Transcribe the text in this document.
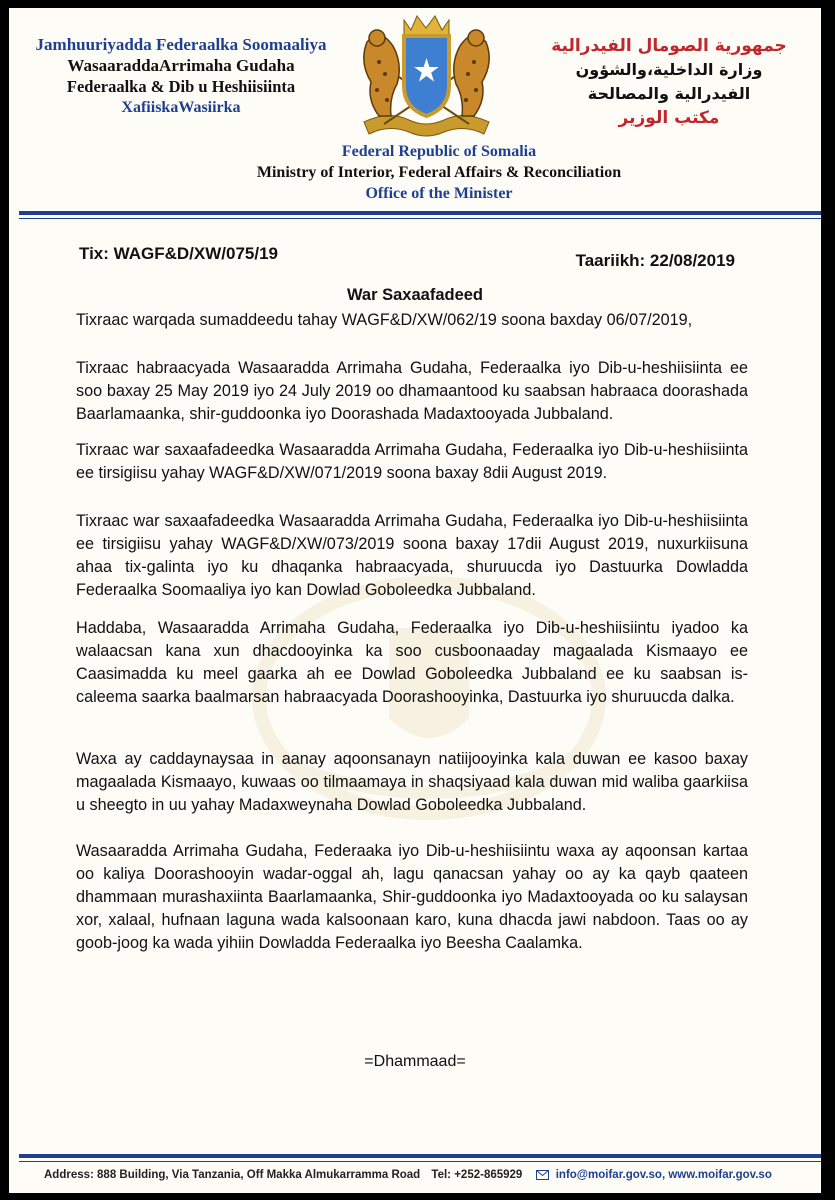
Jamhuuriyadda Federaalka Soomaaliya
WasaaraddaArrimaha Gudaha
Federaalka & Dib u Heshiisiinta
XafiiskaWasiirka
جمهورية الصومال الفيدرالية
وزارة الداخلية،والشؤون الفيدرالية والمصالحة
مكتب الوزير
Federal Republic of Somalia
Ministry of Interior, Federal Affairs & Reconciliation
Office of the Minister
Tix: WAGF&D/XW/075/19	Taariikh: 22/08/2019
War Saxaafadeed

Tixraac warqada sumaddeedu tahay WAGF&D/XW/062/19 soona baxday 06/07/2019,

Tixraac habraacyada Wasaaradda Arrimaha Gudaha, Federaalka iyo Dib-u-heshiisiinta ee soo baxay 25 May 2019 iyo 24 July 2019 oo dhamaantood ku saabsan habraaca doorashada Baarlamaanka, shir-guddoonka iyo Doorashada Madaxtooyada Jubbaland.

Tixraac war saxaafadeedka Wasaaradda Arrimaha Gudaha, Federaalka iyo Dib-u-heshiisiinta ee tirsigiisu yahay WAGF&D/XW/071/2019 soona baxay 8dii August 2019.

Tixraac war saxaafadeedka Wasaaradda Arrimaha Gudaha, Federaalka iyo Dib-u-heshiisiinta ee tirsigiisu yahay WAGF&D/XW/073/2019 soona baxay 17dii August 2019, nuxurkiisuna ahaa tix-galinta iyo ku dhaqanka habraacyada, shuruucda iyo Dastuurka Dowladda Federaalka Soomaaliya iyo kan Dowlad Goboleedka Jubbaland.

Haddaba, Wasaaradda Arrimaha Gudaha, Federaalka iyo Dib-u-heshiisiintu iyadoo ka walaacsan kana xun dhacdooyinka ka soo cusboonaaday magaalada Kismaayo ee Caasimadda ku meel gaarka ah ee Dowlad Goboleedka Jubbaland ee ku saabsan is-caleema saarka baalmarsan habraacyada Doorashooyinka, Dastuurka iyo shuruucda dalka.

Waxa ay caddaynaysaa in aanay aqoonsanayn natiijooyinka kala duwan ee kasoo baxay magaalada Kismaayo, kuwaas oo tilmaamaya in shaqsiyaad kala duwan mid waliba gaarkiisa u sheegto in uu yahay Madaxweynaha Dowlad Goboleedka Jubbaland.

Wasaaradda Arrimaha Gudaha, Federaaka iyo Dib-u-heshiisiintu waxa ay aqoonsan kartaa oo kaliya Doorashooyin wadar-oggal ah, lagu qanacsan yahay oo ay ka qayb qaateen dhammaan murashaxiinta Baarlamaanka, Shir-guddoonka iyo Madaxtooyada oo ku salaysan xor, xalaal, hufnaan laguna wada kalsoonaan karo, kuna dhacda jawi nabdoon. Taas oo ay goob-joog ka wada yihiin Dowladda Federaalka iyo Beesha Caalamka.

=Dhammaad=
Address: 888 Building, Via Tanzania, Off Makka Almukarramma Road Tel: +252-865929	info@moifar.gov.so, www.moifar.gov.so
